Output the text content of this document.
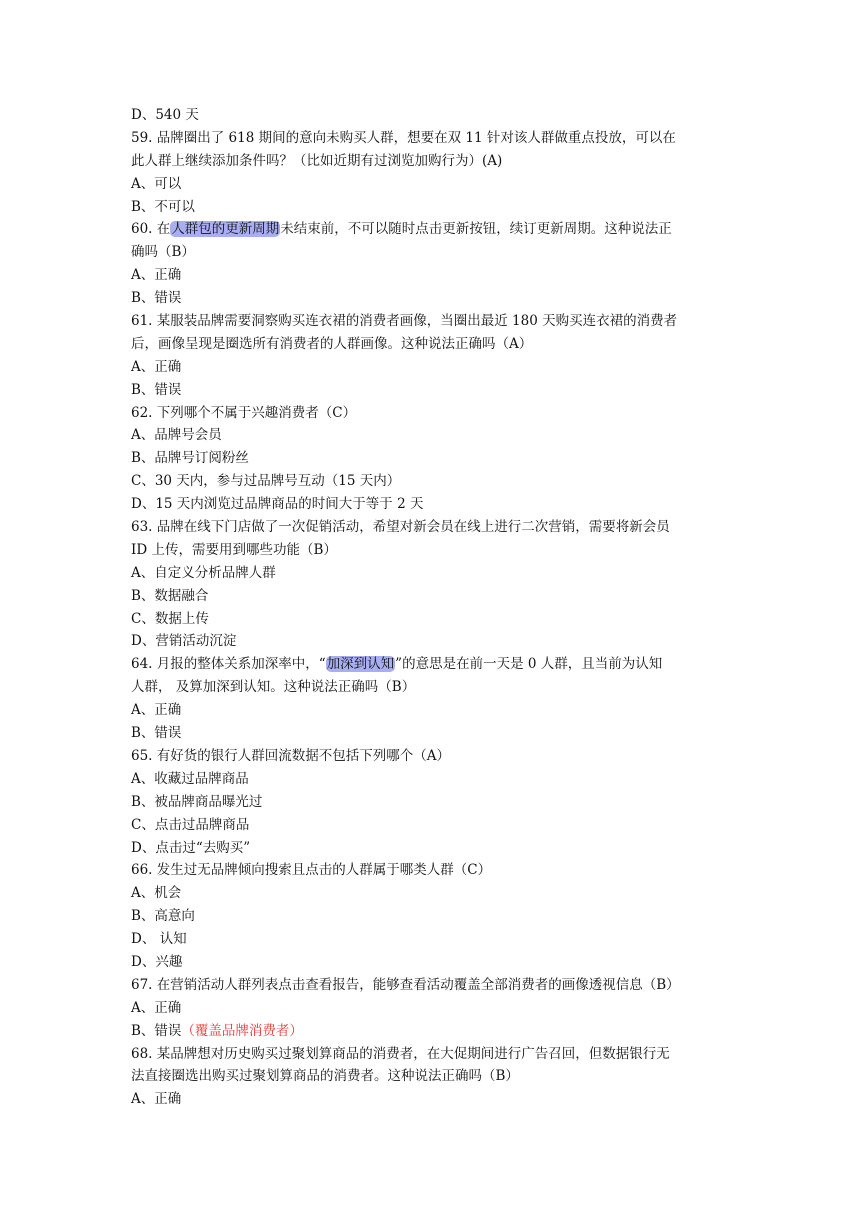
D、540 天
59. 品牌圈出了 618 期间的意向未购买人群，想要在双 11 针对该人群做重点投放，可以在
此人群上继续添加条件吗？（比如近期有过浏览加购行为）(A)
A、可以
B、不可以
60. 在人群包的更新周期未结束前，不可以随时点击更新按钮，续订更新周期。这种说法正
确吗（B）
A、正确
B、错误
61. 某服装品牌需要洞察购买连衣裙的消费者画像，当圈出最近 180 天购买连衣裙的消费者
后，画像呈现是圈选所有消费者的人群画像。这种说法正确吗（A）
A、正确
B、错误
62. 下列哪个不属于兴趣消费者（C）
A、品牌号会员
B、品牌号订阅粉丝
C、30 天内，参与过品牌号互动（15 天内）
D、15 天内浏览过品牌商品的时间大于等于 2 天
63. 品牌在线下门店做了一次促销活动，希望对新会员在线上进行二次营销，需要将新会员
ID 上传，需要用到哪些功能（B）
A、自定义分析品牌人群
B、数据融合
C、数据上传
D、营销活动沉淀
64. 月报的整体关系加深率中，“加深到认知”的意思是在前一天是 0 人群，且当前为认知
人群， 及算加深到认知。这种说法正确吗（B）
A、正确
B、错误
65. 有好货的银行人群回流数据不包括下列哪个（A）
A、收藏过品牌商品
B、被品牌商品曝光过
C、点击过品牌商品
D、点击过“去购买”
66. 发生过无品牌倾向搜索且点击的人群属于哪类人群（C）
A、机会
B、高意向
D、 认知
D、兴趣
67. 在营销活动人群列表点击查看报告，能够查看活动覆盖全部消费者的画像透视信息（B）
A、正确
B、错误（覆盖品牌消费者）
68. 某品牌想对历史购买过聚划算商品的消费者，在大促期间进行广告召回，但数据银行无
法直接圈选出购买过聚划算商品的消费者。这种说法正确吗（B）
A、正确
